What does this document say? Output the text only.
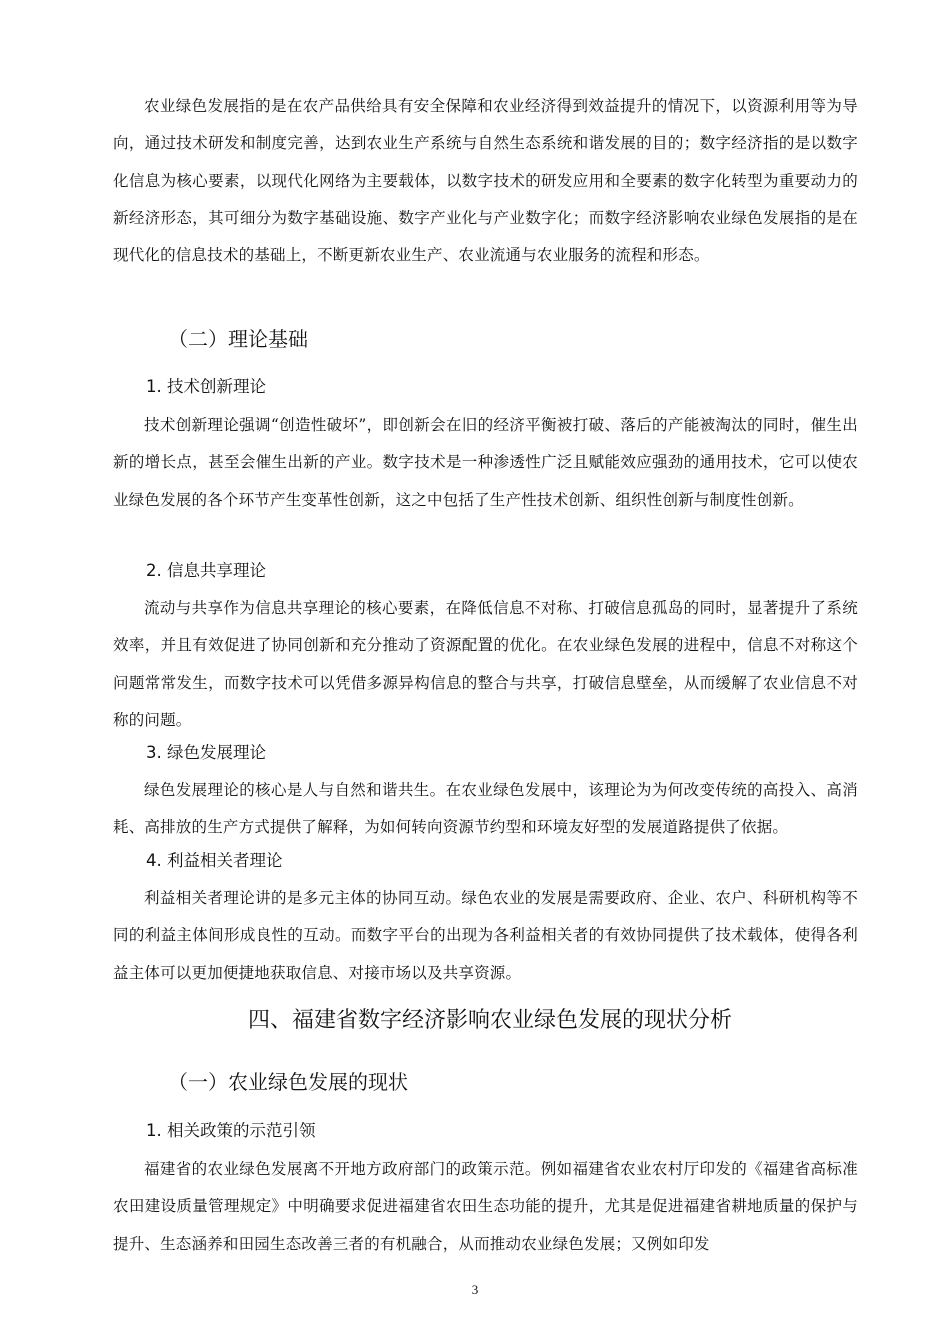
农业绿色发展指的是在农产品供给具有安全保障和农业经济得到效益提升的情况下，以资源利用等为导向，通过技术研发和制度完善，达到农业生产系统与自然生态系统和谐发展的目的；数字经济指的是以数字化信息为核心要素，以现代化网络为主要载体，以数字技术的研发应用和全要素的数字化转型为重要动力的新经济形态，其可细分为数字基础设施、数字产业化与产业数字化；而数字经济影响农业绿色发展指的是在现代化的信息技术的基础上，不断更新农业生产、农业流通与农业服务的流程和形态。

（二）理论基础
1. 技术创新理论

技术创新理论强调“创造性破坏”，即创新会在旧的经济平衡被打破、落后的产能被淘汰的同时，催生出新的增长点，甚至会催生出新的产业。数字技术是一种渗透性广泛且赋能效应强劲的通用技术，它可以使农业绿色发展的各个环节产生变革性创新，这之中包括了生产性技术创新、组织性创新与制度性创新。

2. 信息共享理论

流动与共享作为信息共享理论的核心要素，在降低信息不对称、打破信息孤岛的同时，显著提升了系统效率，并且有效促进了协同创新和充分推动了资源配置的优化。在农业绿色发展的进程中，信息不对称这个问题常常发生，而数字技术可以凭借多源异构信息的整合与共享，打破信息壁垒，从而缓解了农业信息不对称的问题。

3. 绿色发展理论

绿色发展理论的核心是人与自然和谐共生。在农业绿色发展中，该理论为为何改变传统的高投入、高消耗、高排放的生产方式提供了解释，为如何转向资源节约型和环境友好型的发展道路提供了依据。

4. 利益相关者理论

利益相关者理论讲的是多元主体的协同互动。绿色农业的发展是需要政府、企业、农户、科研机构等不同的利益主体间形成良性的互动。而数字平台的出现为各利益相关者的有效协同提供了技术载体，使得各利益主体可以更加便捷地获取信息、对接市场以及共享资源。

四、福建省数字经济影响农业绿色发展的现状分析
（一）农业绿色发展的现状
1. 相关政策的示范引领

福建省的农业绿色发展离不开地方政府部门的政策示范。例如福建省农业农村厅印发的《福建省高标准农田建设质量管理规定》中明确要求促进福建省农田生态功能的提升，尤其是促进福建省耕地质量的保护与提升、生态涵养和田园生态改善三者的有机融合，从而推动农业绿色发展；又例如印发

3
